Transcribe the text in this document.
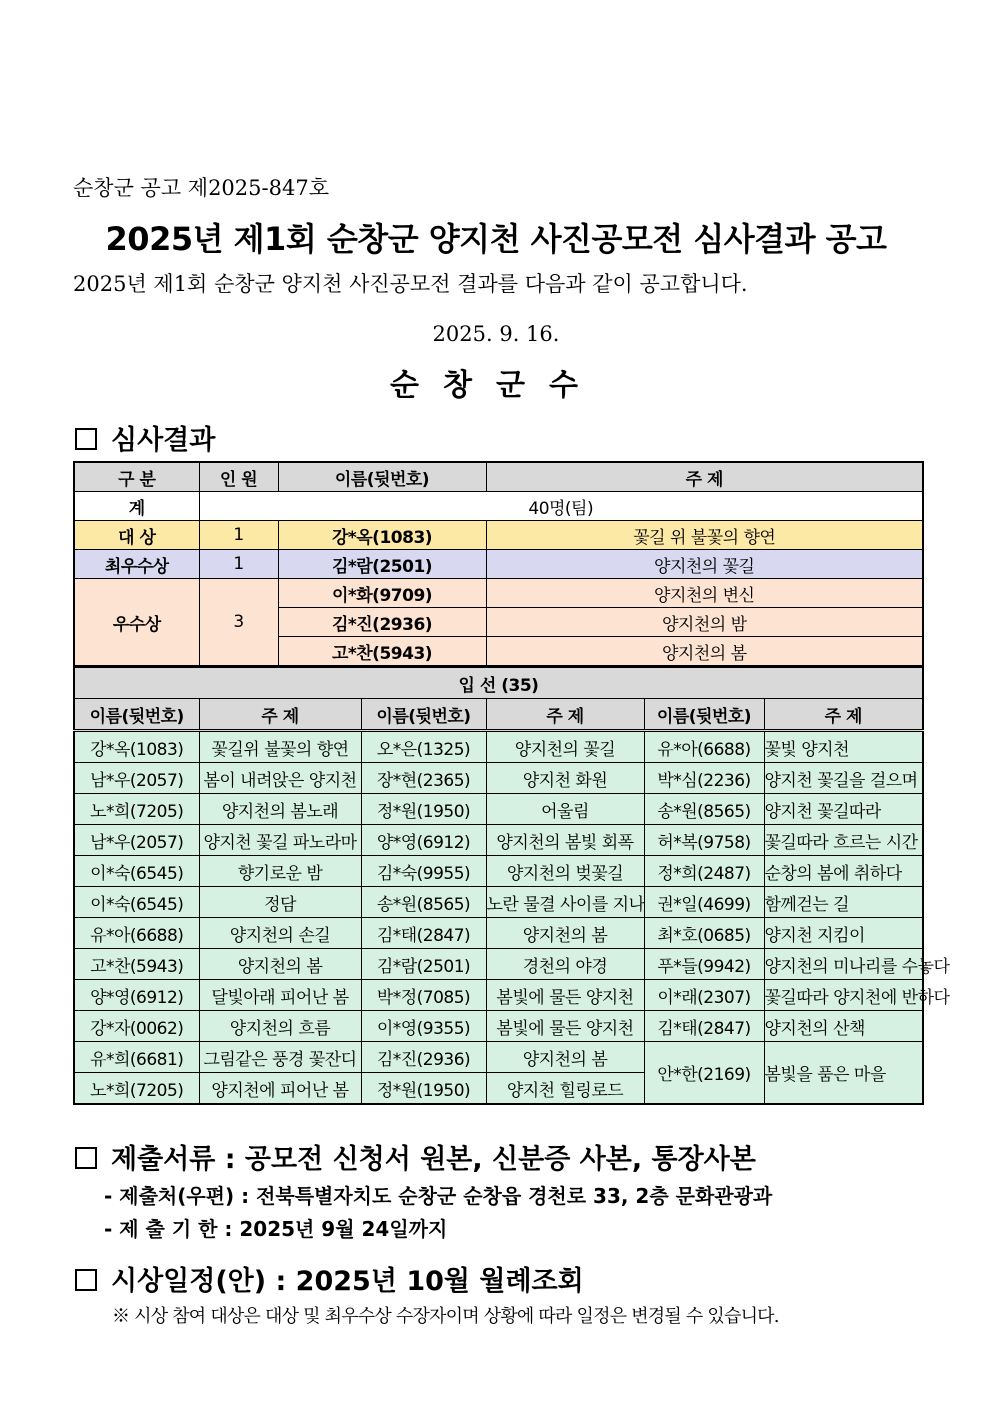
순창군 공고 제2025-847호
2025년 제1회 순창군 양지천 사진공모전 심사결과 공고
2025년 제1회 순창군 양지천 사진공모전 결과를 다음과 같이 공고합니다.
2025. 9. 16.
순창군수
심사결과
구 분	인 원	이름(뒷번호)	주 제
계	40명(팀)		
대 상	1	강*옥(1083)	꽃길 위 불꽃의 향연
최우수상	1	김*람(2501)	양지천의 꽃길
우수상	3	이*화(9709)	양지천의 변신
		김*진(2936)	양지천의 밤
		고*찬(5943)	양지천의 봄
입 선 (35)					
이름(뒷번호)	주 제	이름(뒷번호)	주 제	이름(뒷번호)	주 제
강*옥(1083)	꽃길위 불꽃의 향연	오*은(1325)	양지천의 꽃길	유*아(6688)	꽃빛 양지천
남*우(2057)	봄이 내려앉은 양지천	장*현(2365)	양지천 화원	박*심(2236)	양지천 꽃길을 걸으며
노*희(7205)	양지천의 봄노래	정*원(1950)	어울림	송*원(8565)	양지천 꽃길따라
남*우(2057)	양지천 꽃길 파노라마	양*영(6912)	양지천의 봄빛 회폭	허*복(9758)	꽃길따라 흐르는 시간
이*숙(6545)	향기로운 밤	김*숙(9955)	양지천의 벚꽃길	정*희(2487)	순창의 봄에 취하다
이*숙(6545)	정담	송*원(8565)	노란 물결 사이를 지나	권*일(4699)	함께걷는 길
유*아(6688)	양지천의 손길	김*태(2847)	양지천의 봄	최*호(0685)	양지천 지킴이
고*찬(5943)	양지천의 봄	김*람(2501)	경천의 야경	푸*들(9942)	양지천의 미나리를 수놓다
양*영(6912)	달빛아래 피어난 봄	박*정(7085)	봄빛에 물든 양지천	이*래(2307)	꽃길따라 양지천에 반하다
강*자(0062)	양지천의 흐름	이*영(9355)	봄빛에 물든 양지천	김*태(2847)	양지천의 산책
유*희(6681)	그림같은 풍경 꽃잔디	김*진(2936)	양지천의 봄	안*한(2169)	봄빛을 품은 마을
노*희(7205)	양지천에 피어난 봄	정*원(1950)	양지천 힐링로드		
제출서류 : 공모전 신청서 원본, 신분증 사본, 통장사본
- 제출처(우편) : 전북특별자치도 순창군 순창읍 경천로 33, 2층 문화관광과
- 제 출 기 한 : 2025년 9월 24일까지
시상일정(안) : 2025년 10월 월례조회
※ 시상 참여 대상은 대상 및 최우수상 수장자이며 상황에 따라 일정은 변경될 수 있습니다.
